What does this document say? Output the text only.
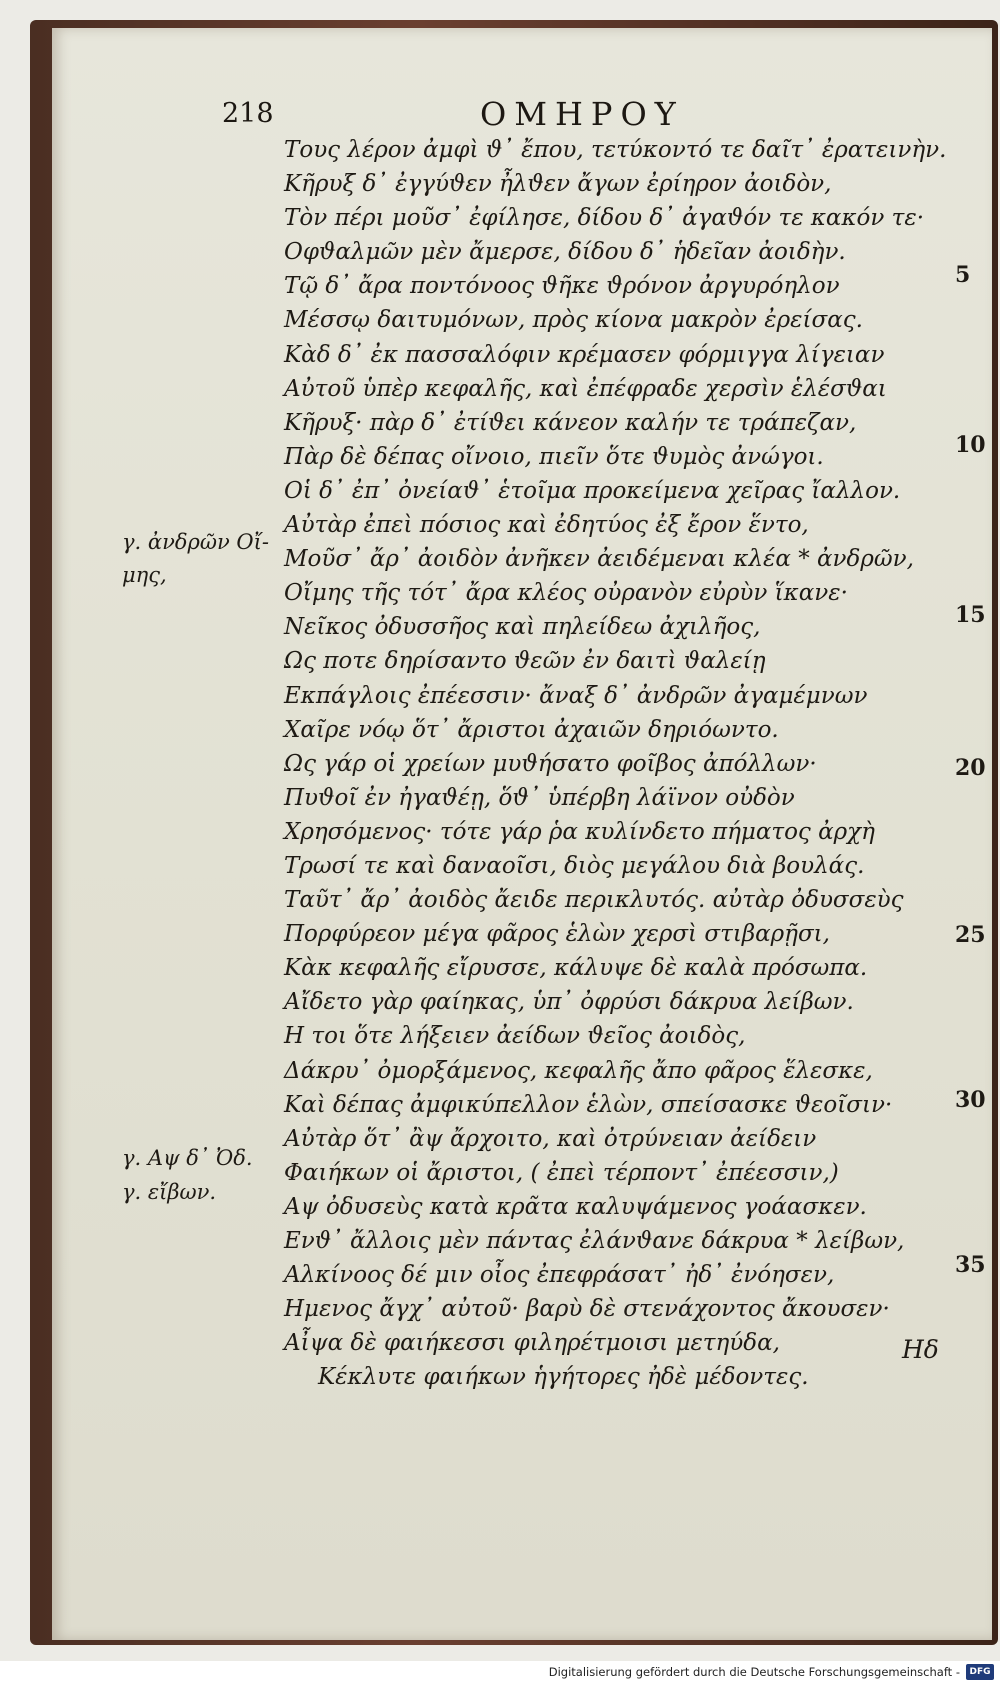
218	ΟΜΗΡΟΥ
Τους λέρον ἀμφὶ ϑ᾽ ἔπου, τετύκοντό τε δαῖτ᾽ ἐρατεινὴν.
Κῆρυξ δ᾽ ἐγγύϑεν ἦλϑεν ἄγων ἐρίηρον ἀοιδὸν,
Τὸν πέρι μοῦσ᾽ ἐφίλησε, δίδου δ᾽ ἀγαϑόν τε κακόν τε·
Οφϑαλμῶν μὲν ἄμερσε, δίδου δ᾽ ἡδεῖαν ἀοιδὴν.
Τῷ δ᾽ ἄρα ποντόνοος ϑῆκε ϑρόνον ἀργυρόηλον
Μέσσῳ δαιτυμόνων, πρὸς κίονα μακρὸν ἐρείσας.
Κὰδ δ᾽ ἐκ πασσαλόφιν κρέμασεν φόρμιγγα λίγειαν
Αὐτοῦ ὑπὲρ κεφαλῆς, καὶ ἐπέφραδε χερσὶν ἑλέσϑαι
Κῆρυξ· πὰρ δ᾽ ἐτίϑει κάνεον καλήν τε τράπεζαν,
Πὰρ δὲ δέπας οἴνοιο, πιεῖν ὅτε ϑυμὸς ἀνώγοι.
Οἱ δ᾽ ἐπ᾽ ὀνείαϑ᾽ ἑτοῖμα προκείμενα χεῖρας ἴαλλον.
Αὐτὰρ ἐπεὶ πόσιος καὶ ἐδητύος ἐξ ἔρον ἕντο,
Μοῦσ᾽ ἄρ᾽ ἀοιδὸν ἀνῆκεν ἀειδέμεναι κλέα * ἀνδρῶν,
Οἴμης τῆς τότ᾽ ἄρα κλέος οὐρανὸν εὐρὺν ἵκανε·
Νεῖκος ὀδυσσῆος καὶ πηλείδεω ἀχιλῆος,
Ως ποτε δηρίσαντο ϑεῶν ἐν δαιτὶ ϑαλείῃ
Εκπάγλοις ἐπέεσσιν· ἄναξ δ᾽ ἀνδρῶν ἀγαμέμνων
Χαῖρε νόῳ ὅτ᾽ ἄριστοι ἀχαιῶν δηριόωντο.
Ως γάρ οἱ χρείων μυϑήσατο φοῖβος ἀπόλλων·
Πυϑοῖ ἐν ἠγαϑέῃ, ὅϑ᾽ ὑπέρβη λάϊνον οὐδὸν
Χρησόμενος· τότε γάρ ῥα κυλίνδετο πήματος ἀρχὴ
Τρωσί τε καὶ δαναοῖσι, διὸς μεγάλου διὰ βουλάς.
Ταῦτ᾽ ἄρ᾽ ἀοιδὸς ἄειδε περικλυτός. αὐτὰρ ὀδυσσεὺς
Πορφύρεον μέγα φᾶρος ἑλὼν χερσὶ στιβαρῇσι,
Κὰκ κεφαλῆς εἴρυσσε, κάλυψε δὲ καλὰ πρόσωπα.
Αἴδετο γὰρ φαίηκας, ὑπ᾽ ὀφρύσι δάκρυα λείβων.
Η τοι ὅτε λήξειεν ἀείδων ϑεῖος ἀοιδὸς,
Δάκρυ᾽ ὀμορξάμενος, κεφαλῆς ἄπο φᾶρος ἕλεσκε,
Καὶ δέπας ἀμφικύπελλον ἑλὼν, σπείσασκε ϑεοῖσιν·
Αὐτὰρ ὅτ᾽ ἂψ ἄρχοιτο, καὶ ὀτρύνειαν ἀείδειν
Φαιήκων οἱ ἄριστοι, ( ἐπεὶ τέρποντ᾽ ἐπέεσσιν,)
Αψ ὀδυσεὺς κατὰ κρᾶτα καλυψάμενος γοάασκεν.
Ενϑ᾽ ἄλλοις μὲν πάντας ἐλάνϑανε δάκρυα * λείβων,
Αλκίνοος δέ μιν οἶος ἐπεφράσατ᾽ ἠδ᾽ ἐνόησεν,
Ημενος ἄγχ᾽ αὐτοῦ· βαρὺ δὲ στενάχοντος ἄκουσεν·
Αἶψα δὲ φαιήκεσσι φιληρέτμοισι μετηύδα,
Κέκλυτε φαιήκων ἡγήτορες ἠδὲ μέδοντες.
5
10
15
20
25
30
35
γ. ἀνδρῶν Οἴ-
μης,
γ. Αψ δ᾽ Ὀδ.
γ. εἴβων.
Ηδ
Digitalisierung gefördert durch die Deutsche Forschungsgemeinschaft -	DFG
